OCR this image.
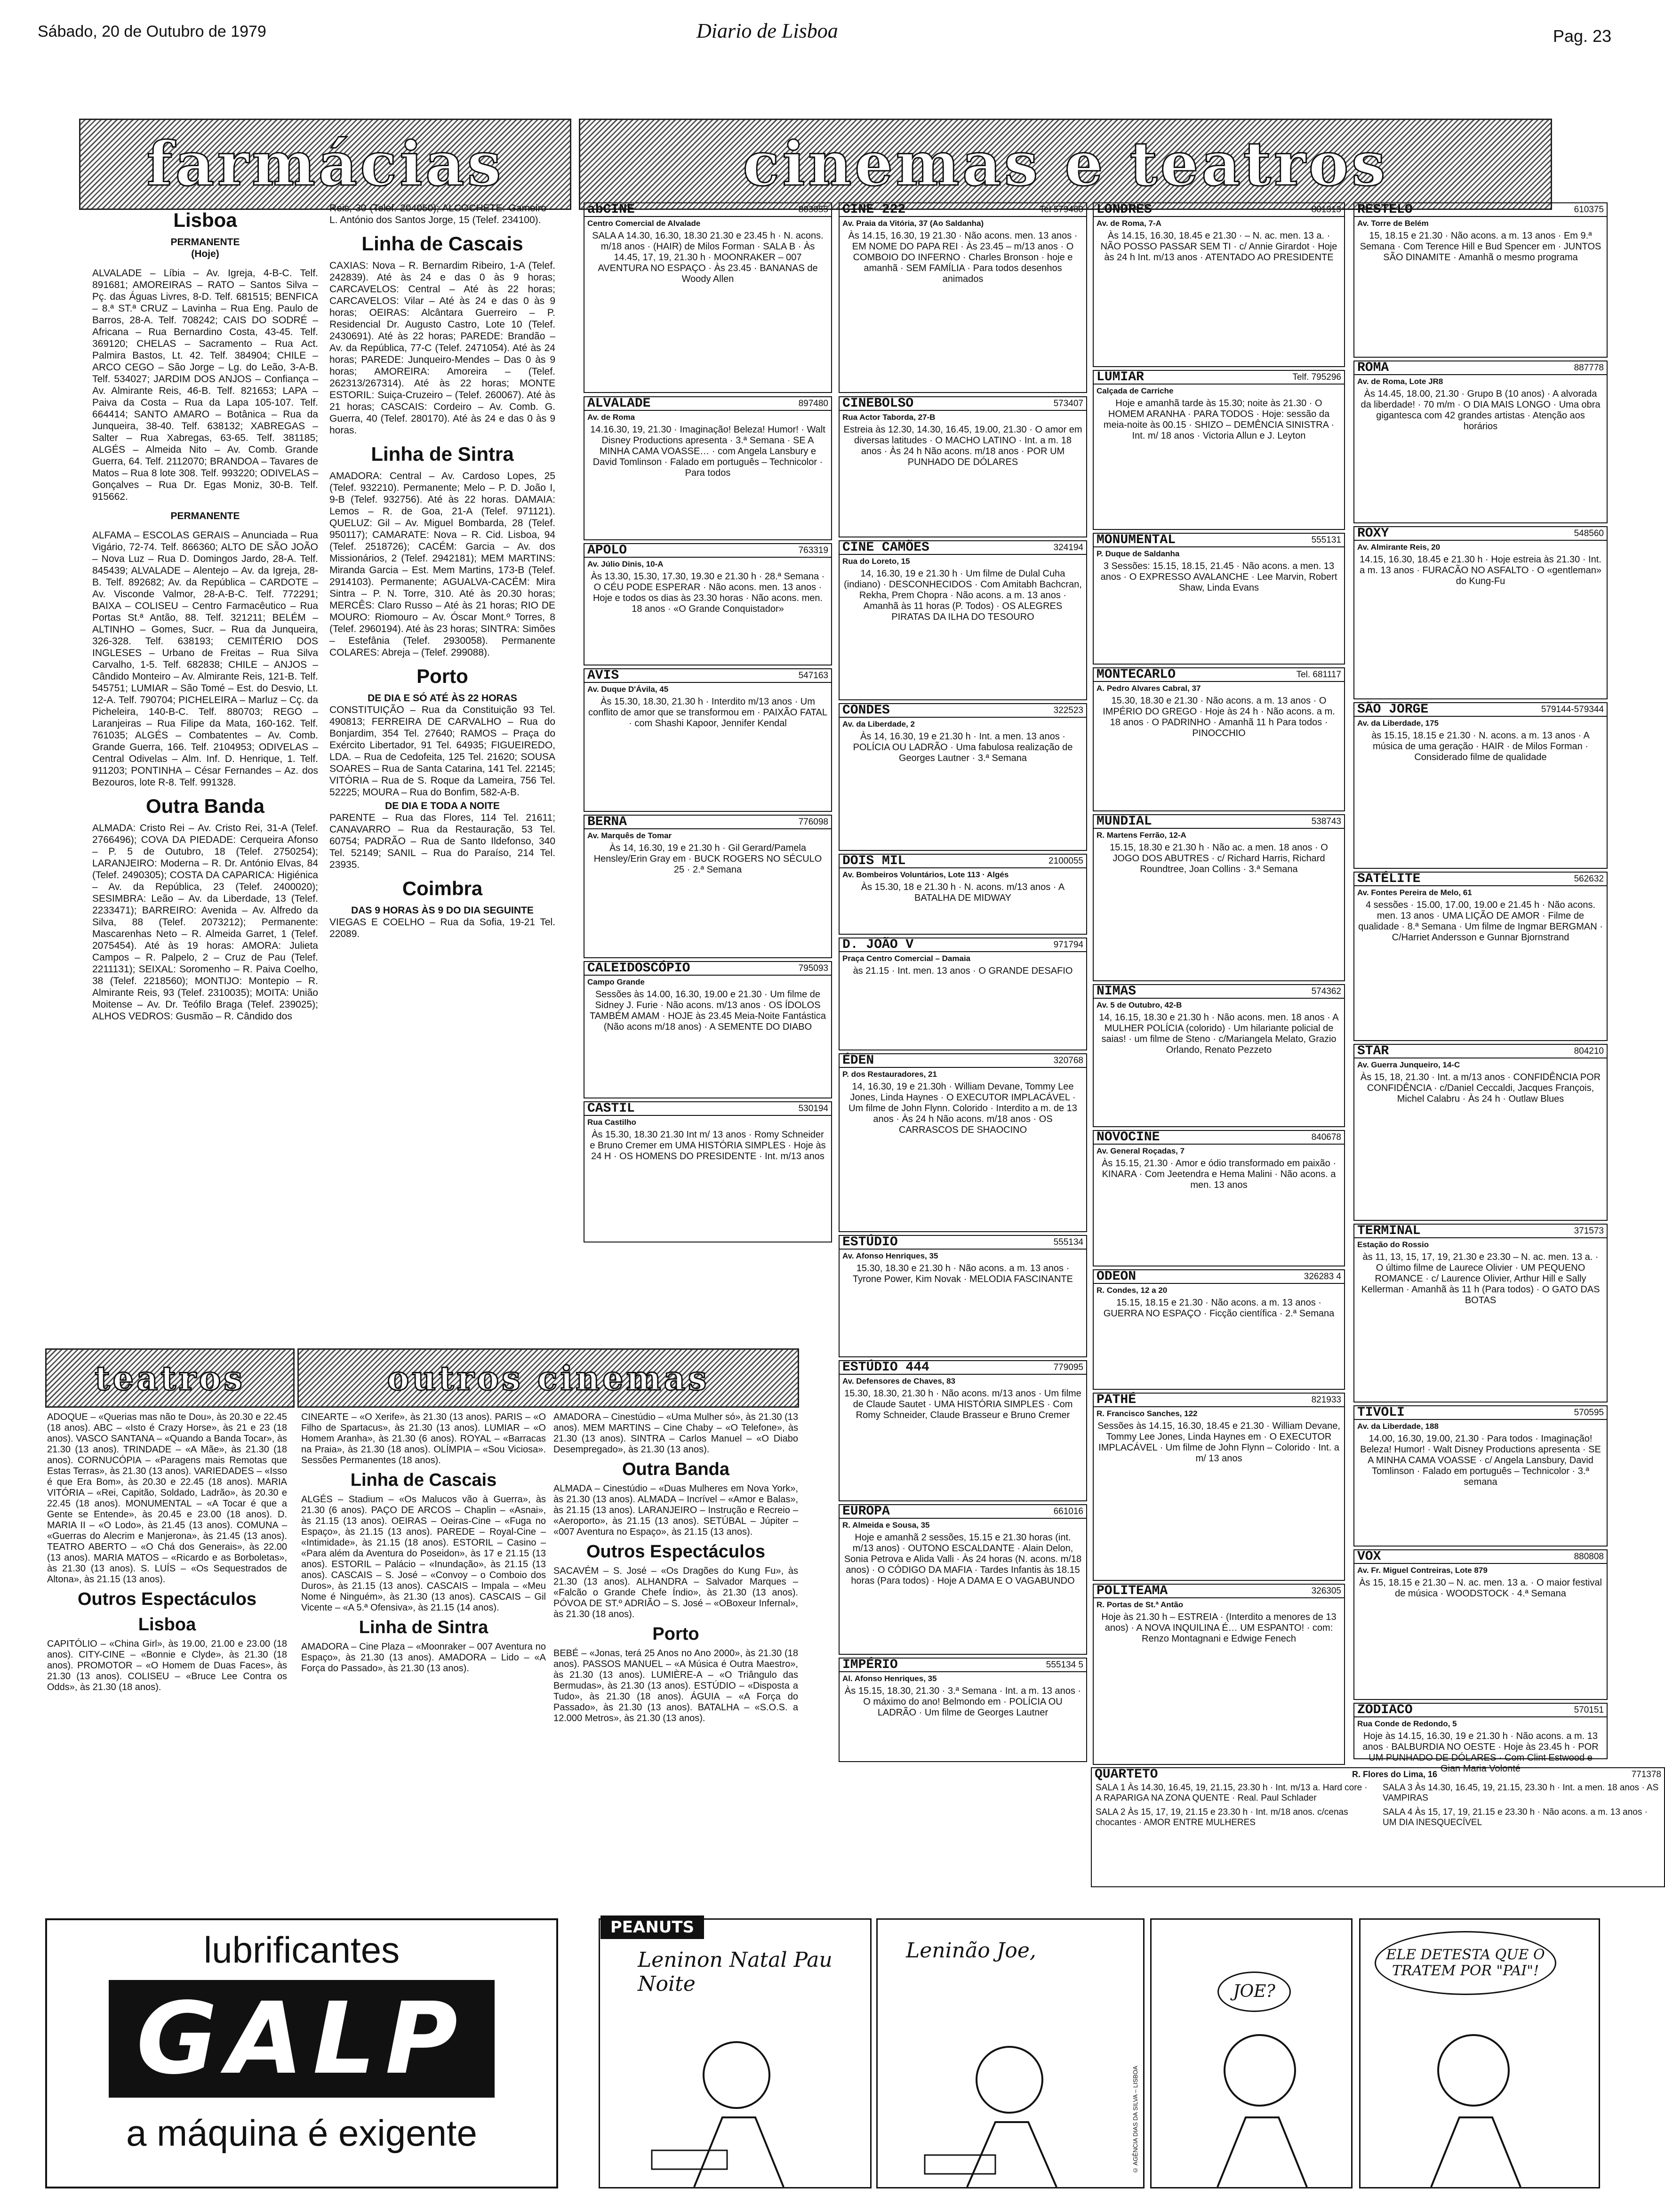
Sábado, 20 de Outubro de 1979	Diario de Lisboa	Pag. 23
farmácias	cinemas e teatros
Lisboa
PERMANENTE
(Hoje)

ALVALADE – Líbia – Av. Igreja, 4-B-C. Telf. 891681; AMOREIRAS – RATO – Santos Silva – Pç. das Águas Livres, 8-D. Telf. 681515; BENFICA – 8.ª ST.ª CRUZ – Lavinha – Rua Eng. Paulo de Barros, 28-A. Telf. 708242; CAIS DO SODRÉ – Africana – Rua Bernardino Costa, 43-45. Telf. 369120; CHELAS – Sacramento – Rua Act. Palmira Bastos, Lt. 42. Telf. 384904; CHILE – ARCO CEGO – São Jorge – Lg. do Leão, 3-A-B. Telf. 534027; JARDIM DOS ANJOS – Confiança – Av. Almirante Reis, 46-B. Telf. 821653; LAPA – Paiva da Costa – Rua da Lapa 105-107. Telf. 664414; SANTO AMARO – Botânica – Rua da Junqueira, 38-40. Telf. 638132; XABREGAS – Salter – Rua Xabregas, 63-65. Telf. 381185; ALGÉS – Almeida Nito – Av. Comb. Grande Guerra, 64. Telf. 2112070; BRANDOA – Tavares de Matos – Rua 8 lote 308. Telf. 993220; ODIVELAS – Gonçalves – Rua Dr. Egas Moniz, 30-B. Telf. 915662.

PERMANENTE

ALFAMA – ESCOLAS GERAIS – Anunciada – Rua Vigário, 72-74. Telf. 866360; ALTO DE SÃO JOÃO – Nova Luz – Rua D. Domingos Jardo, 28-A. Telf. 845439; ALVALADE – Alentejo – Av. da Igreja, 28-B. Telf. 892682; Av. da República – CARDOTE – Av. Visconde Valmor, 28-A-B-C. Telf. 772291; BAIXA – COLISEU – Centro Farmacêutico – Rua Portas St.ª Antão, 88. Telf. 321211; BELÉM – ALTINHO – Gomes, Sucr. – Rua da Junqueira, 326-328. Telf. 638193; CEMITÉRIO DOS INGLESES – Urbano de Freitas – Rua Silva Carvalho, 1-5. Telf. 682838; CHILE – ANJOS – Cândido Monteiro – Av. Almirante Reis, 121-B. Telf. 545751; LUMIAR – São Tomé – Est. do Desvio, Lt. 12-A. Telf. 790704; PICHELEIRA – Marluz – Cç. da Picheleira, 140-B-C. Telf. 880703; REGO – Laranjeiras – Rua Filipe da Mata, 160-162. Telf. 761035; ALGÉS – Combatentes – Av. Comb. Grande Guerra, 166. Telf. 2104953; ODIVELAS – Central Odivelas – Alm. Inf. D. Henrique, 1. Telf. 911203; PONTINHA – César Fernandes – Az. dos Bezouros, lote R-8. Telf. 991328.

Outra Banda

ALMADA: Cristo Rei – Av. Cristo Rei, 31-A (Telef. 2766496); COVA DA PIEDADE: Cerqueira Afonso – P. 5 de Outubro, 18 (Telef. 2750254); LARANJEIRO: Moderna – R. Dr. António Elvas, 84 (Telef. 2490305); COSTA DA CAPARICA: Higiénica – Av. da República, 23 (Telef. 2400020); SESIMBRA: Leão – Av. da Liberdade, 13 (Telef. 2233471); BARREIRO: Avenida – Av. Alfredo da Silva, 88 (Telef. 2073212); Permanente: Mascarenhas Neto – R. Almeida Garret, 1 (Telef. 2075454). Até às 19 horas: AMORA: Julieta Campos – R. Palpelo, 2 – Cruz de Pau (Telef. 2211131); SEIXAL: Soromenho – R. Paiva Coelho, 38 (Telef. 2218560); MONTIJO: Montepio – R. Almirante Reis, 93 (Telef. 2310035); MOITA: União Moitense – Av. Dr. Teófilo Braga (Telef. 239025); ALHOS VEDROS: Gusmão – R. Cândido dos

Reis, 30 (Telef. 204050); ALCOCHETE: Gameiro – L. António dos Santos Jorge, 15 (Telef. 234100).

Linha de Cascais

CAXIAS: Nova – R. Bernardim Ribeiro, 1-A (Telef. 242839). Até às 24 e das 0 às 9 horas; CARCAVELOS: Central – Até às 22 horas; CARCAVELOS: Vilar – Até às 24 e das 0 às 9 horas; OEIRAS: Alcântara Guerreiro – P. Residencial Dr. Augusto Castro, Lote 10 (Telef. 2430691). Até às 22 horas; PAREDE: Brandão – Av. da República, 77-C (Telef. 2471054). Até às 24 horas; PAREDE: Junqueiro-Mendes – Das 0 às 9 horas; AMOREIRA: Amoreira – (Telef. 262313/267314). Até às 22 horas; MONTE ESTORIL: Suiça-Cruzeiro – (Telef. 260067). Até às 21 horas; CASCAIS: Cordeiro – Av. Comb. G. Guerra, 40 (Telef. 280170). Até às 24 e das 0 às 9 horas.

Linha de Sintra

AMADORA: Central – Av. Cardoso Lopes, 25 (Telef. 932210). Permanente; Melo – P. D. João I, 9-B (Telef. 932756). Até às 22 horas. DAMAIA: Lemos – R. de Goa, 21-A (Telef. 971121). QUELUZ: Gil – Av. Miguel Bombarda, 28 (Telef. 950117); CAMARATE: Nova – R. Cid. Lisboa, 94 (Telef. 2518726); CACÉM: Garcia – Av. dos Missionários, 2 (Telef. 2942181); MEM MARTINS: Miranda Garcia – Est. Mem Martins, 173-B (Telef. 2914103). Permanente; AGUALVA-CACÉM: Mira Sintra – P. N. Torre, 310. Até às 20.30 horas; MERCÊS: Claro Russo – Até às 21 horas; RIO DE MOURO: Riomouro – Av. Óscar Mont.º Torres, 8 (Telef. 2960194). Até às 23 horas; SINTRA: Simões – Estefânia (Telef. 2930058). Permanente COLARES: Abreja – (Telef. 299088).

Porto
DE DIA E SÓ ATÉ ÀS 22 HORAS

CONSTITUIÇÃO – Rua da Constituição 93 Tel. 490813; FERREIRA DE CARVALHO – Rua do Bonjardim, 354 Tel. 27640; RAMOS – Praça do Exército Libertador, 91 Tel. 64935; FIGUEIREDO, LDA. – Rua de Cedofeita, 125 Tel. 21620; SOUSA SOARES – Rua de Santa Catarina, 141 Tel. 22145; VITÓRIA – Rua de S. Roque da Lameira, 756 Tel. 52225; MOURA – Rua do Bonfim, 582-A-B.

DE DIA E TODA A NOITE

PARENTE – Rua das Flores, 114 Tel. 21611; CANAVARRO – Rua da Restauração, 53 Tel. 60754; PADRÃO – Rua de Santo Ildefonso, 340 Tel. 52149; SANIL – Rua do Paraíso, 214 Tel. 23935.

Coimbra
DAS 9 HORAS ÀS 9 DO DIA SEGUINTE

VIEGAS E COELHO – Rua da Sofia, 19-21 Tel. 22089.

teatros	outros cinemas

ADOQUE – «Querias mas não te Dou», às 20.30 e 22.45 (18 anos). ABC – «Isto é Crazy Horse», às 21 e 23 (18 anos). VASCO SANTANA – «Quando a Banda Tocar», às 21.30 (13 anos). TRINDADE – «A Mãe», às 21.30 (18 anos). CORNUCÓPIA – «Paragens mais Remotas que Estas Terras», às 21.30 (13 anos). VARIEDADES – «Isso é que Era Bom», às 20.30 e 22.45 (18 anos). MARIA VITÓRIA – «Rei, Capitão, Soldado, Ladrão», às 20.30 e 22.45 (18 anos). MONUMENTAL – «A Tocar é que a Gente se Entende», às 20.45 e 23.00 (18 anos). D. MARIA II – «O Lodo», às 21.45 (13 anos). COMUNA – «Guerras do Alecrim e Manjerona», às 21.45 (13 anos). TEATRO ABERTO – «O Chá dos Generais», às 22.00 (13 anos). MARIA MATOS – «Ricardo e as Borboletas», às 21.30 (13 anos). S. LUÍS – «Os Sequestrados de Altona», às 21.15 (13 anos).

Outros Espectáculos
Lisboa

CAPITÓLIO – «China Girl», às 19.00, 21.00 e 23.00 (18 anos). CITY-CINE – «Bonnie e Clyde», às 21.30 (18 anos). PROMOTOR – «O Homem de Duas Faces», às 21.30 (13 anos). COLISEU – «Bruce Lee Contra os Odds», às 21.30 (18 anos).

CINEARTE – «O Xerife», às 21.30 (13 anos). PARIS – «O Filho de Spartacus», às 21.30 (13 anos). LUMIAR – «O Homem Aranha», às 21.30 (6 anos). ROYAL – «Barracas na Praia», às 21.30 (18 anos). OLÍMPIA – «Sou Viciosa». Sessões Permanentes (18 anos).

Linha de Cascais

ALGÉS – Stadium – «Os Malucos vão à Guerra», às 21.30 (6 anos). PAÇO DE ARCOS – Chaplin – «Asnai», às 21.15 (13 anos). OEIRAS – Oeiras-Cine – «Fuga no Espaço», às 21.15 (13 anos). PAREDE – Royal-Cine – «Intimidade», às 21.15 (18 anos). ESTORIL – Casino – «Para além da Aventura do Poseidon», às 17 e 21.15 (13 anos). ESTORIL – Palácio – «Inundação», às 21.15 (13 anos). CASCAIS – S. José – «Convoy – o Comboio dos Duros», às 21.15 (13 anos). CASCAIS – Impala – «Meu Nome é Ninguém», às 21.30 (13 anos). CASCAIS – Gil Vicente – «A 5.ª Ofensiva», às 21.15 (14 anos).

Linha de Sintra

AMADORA – Cine Plaza – «Moonraker – 007 Aventura no Espaço», às 21.30 (13 anos). AMADORA – Lido – «A Força do Passado», às 21.30 (13 anos).

AMADORA – Cinestúdio – «Uma Mulher só», às 21.30 (13 anos). MEM MARTINS – Cine Chaby – «O Telefone», às 21.30 (13 anos). SINTRA – Carlos Manuel – «O Diabo Desempregado», às 21.30 (13 anos).

Outra Banda

ALMADA – Cinestúdio – «Duas Mulheres em Nova York», às 21.30 (13 anos). ALMADA – Incrível – «Amor e Balas», às 21.15 (13 anos). LARANJEIRO – Instrução e Recreio – «Aeroporto», às 21.15 (13 anos). SETÚBAL – Júpiter – «007 Aventura no Espaço», às 21.15 (13 anos).

Outros Espectáculos

SACAVÉM – S. José – «Os Dragões do Kung Fu», às 21.30 (13 anos). ALHANDRA – Salvador Marques – «Falcão o Grande Chefe Índio», às 21.30 (13 anos). PÓVOA DE ST.º ADRIÃO – S. José – «OBoxeur Infernal», às 21.30 (18 anos).

Porto

BEBÉ – «Jonas, terá 25 Anos no Ano 2000», às 21.30 (18 anos). PASSOS MANUEL – «A Música é Outra Maestro», às 21.30 (13 anos). LUMIÈRE-A – «O Triângulo das Bermudas», às 21.30 (13 anos). ESTÚDIO – «Disposta a Tudo», às 21.30 (18 anos). ÁGUIA – «A Força do Passado», às 21.30 (13 anos). BATALHA – «S.O.S. a 12.000 Metros», às 21.30 (13 anos).

abCINE	803055
Centro Comercial de Alvalade
SALA A 14.30, 16.30, 18.30 21.30 e 23.45 h · N. acons. m/18 anos · (HAIR) de Milos Forman · SALA B · Às 14.45, 17, 19, 21.30 h · MOONRAKER – 007 AVENTURA NO ESPAÇO · Às 23.45 · BANANAS de Woody Allen
ALVALADE	897480
Av. de Roma
14.16.30, 19, 21.30 · Imaginação! Beleza! Humor! · Walt Disney Productions apresenta · 3.ª Semana · SE A MINHA CAMA VOASSE… · com Angela Lansbury e David Tomlinson · Falado em português – Technicolor · Para todos
APOLO	763319
Av. Júlio Dinis, 10-A
Às 13.30, 15.30, 17.30, 19.30 e 21.30 h · 28.ª Semana · O CÉU PODE ESPERAR · Não acons. men. 13 anos · Hoje e todos os dias às 23.30 horas · Não acons. men. 18 anos · «O Grande Conquistador»
AVIS	547163
Av. Duque D'Ávila, 45
Às 15.30, 18.30, 21.30 h · Interdito m/13 anos · Um conflito de amor que se transformou em · PAIXÃO FATAL · com Shashi Kapoor, Jennifer Kendal
BERNA	776098
Av. Marquês de Tomar
Às 14, 16.30, 19 e 21.30 h · Gil Gerard/Pamela Hensley/Erin Gray em · BUCK ROGERS NO SÉCULO 25 · 2.ª Semana
CALEIDOSCÓPIO	795093
Campo Grande
Sessões às 14.00, 16.30, 19.00 e 21.30 · Um filme de Sidney J. Furie · Não acons. m/13 anos · OS ÍDOLOS TAMBÉM AMAM · HOJE às 23.45 Meia-Noite Fantástica (Não acons m/18 anos) · A SEMENTE DO DIABO
CASTIL	530194
Rua Castilho
Às 15.30, 18.30 21.30 Int m/ 13 anos · Romy Schneider e Bruno Cremer em UMA HISTÓRIA SIMPLES · Hoje às 24 H · OS HOMENS DO PRESIDENTE · Int. m/13 anos
CINE 222	Tel 579460
Av. Praia da Vitória, 37 (Ao Saldanha)
Às 14.15, 16.30, 19 21.30 · Não acons. men. 13 anos · EM NOME DO PAPA REI · Às 23.45 – m/13 anos · O COMBOIO DO INFERNO · Charles Bronson · hoje e amanhã · SEM FAMÍLIA · Para todos desenhos animados
CINEBOLSO	573407
Rua Actor Taborda, 27-B
Estreia às 12.30, 14.30, 16.45, 19.00, 21.30 · O amor em diversas latitudes · O MACHO LATINO · Int. a m. 18 anos · Às 24 h Não acons. m/18 anos · POR UM PUNHADO DE DÓLARES
CINE CAMÕES	324194
Rua do Loreto, 15
14, 16.30, 19 e 21.30 h · Um filme de Dulal Cuha (indiano) · DESCONHECIDOS · Com Amitabh Bachcran, Rekha, Prem Chopra · Não acons. a m. 13 anos · Amanhã às 11 horas (P. Todos) · OS ALEGRES PIRATAS DA ILHA DO TESOURO
CONDES	322523
Av. da Liberdade, 2
Às 14, 16.30, 19 e 21.30 h · Int. a men. 13 anos · POLÍCIA OU LADRÃO · Uma fabulosa realização de Georges Lautner · 3.ª Semana
DOIS MIL	2100055
Av. Bombeiros Voluntários, Lote 113 · Algés
Às 15.30, 18 e 21.30 h · N. acons. m/13 anos · A BATALHA DE MIDWAY
D. JOÃO V	971794
Praça Centro Comercial – Damaia
às 21.15 · Int. men. 13 anos · O GRANDE DESAFIO
ÉDEN	320768
P. dos Restauradores, 21
14, 16.30, 19 e 21.30h · William Devane, Tommy Lee Jones, Linda Haynes · O EXECUTOR IMPLACÁVEL · Um filme de John Flynn. Colorido · Interdito a m. de 13 anos · Às 24 h Não acons. m/18 anos · OS CARRASCOS DE SHAOCINO
ESTÚDIO	555134
Av. Afonso Henriques, 35
15.30, 18.30 e 21.30 h · Não acons. a m. 13 anos · Tyrone Power, Kim Novak · MELODIA FASCINANTE
ESTÚDIO 444	779095
Av. Defensores de Chaves, 83
15.30, 18.30, 21.30 h · Não acons. m/13 anos · Um filme de Claude Sautet · UMA HISTÓRIA SIMPLES · Com Romy Schneider, Claude Brasseur e Bruno Cremer
EUROPA	661016
R. Almeida e Sousa, 35
Hoje e amanhã 2 sessões, 15.15 e 21.30 horas (int. m/13 anos) · OUTONO ESCALDANTE · Alain Delon, Sonia Petrova e Alida Valli · Às 24 horas (N. acons. m/18 anos) · O CÓDIGO DA MAFIA · Tardes Infantis às 18.15 horas (Para todos) · Hoje A DAMA E O VAGABUNDO
IMPÉRIO	555134 5
Al. Afonso Henriques, 35
Às 15.15, 18.30, 21.30 · 3.ª Semana · Int. a m. 13 anos · O máximo do ano! Belmondo em · POLÍCIA OU LADRÃO · Um filme de Georges Lautner
LONDRES	801313
Av. de Roma, 7-A
Às 14.15, 16.30, 18.45 e 21.30 · – N. ac. men. 13 a. · NÃO POSSO PASSAR SEM TI · c/ Annie Girardot · Hoje às 24 h Int. m/13 anos · ATENTADO AO PRESIDENTE
LUMIAR	Telf. 795296
Calçada de Carriche
Hoje e amanhã tarde às 15.30; noite às 21.30 · O HOMEM ARANHA · PARA TODOS · Hoje: sessão da meia-noite às 00.15 · SHIZO – DEMÊNCIA SINISTRA · Int. m/ 18 anos · Victoria Allun e J. Leyton
MONUMENTAL	555131
P. Duque de Saldanha
3 Sessões: 15.15, 18.15, 21.45 · Não acons. a men. 13 anos · O EXPRESSO AVALANCHE · Lee Marvin, Robert Shaw, Linda Evans
MONTECARLO	Tel. 681117
A. Pedro Alvares Cabral, 37
15.30, 18.30 e 21.30 · Não acons. a m. 13 anos · O IMPÉRIO DO GREGO · Hoje às 24 h · Não acons. a m. 18 anos · O PADRINHO · Amanhã 11 h Para todos · PINOCCHIO
MUNDIAL	538743
R. Martens Ferrão, 12-A
15.15, 18.30 e 21.30 h · Não ac. a men. 18 anos · O JOGO DOS ABUTRES · c/ Richard Harris, Richard Roundtree, Joan Collins · 3.ª Semana
NIMAS	574362
Av. 5 de Outubro, 42-B
14, 16.15, 18.30 e 21.30 h · Não acons. men. 18 anos · A MULHER POLÍCIA (colorido) · Um hilariante policial de saias! · um filme de Steno · c/Mariangela Melato, Grazio Orlando, Renato Pezzeto
NOVOCINE	840678
Av. General Roçadas, 7
Às 15.15, 21.30 · Amor e ódio transformado em paixão · KINARA · Com Jeetendra e Hema Malini · Não acons. a men. 13 anos
ODEON	326283 4
R. Condes, 12 a 20
15.15, 18.15 e 21.30 · Não acons. a m. 13 anos · GUERRA NO ESPAÇO · Ficção científica · 2.ª Semana
PATHÉ	821933
R. Francisco Sanches, 122
Sessões às 14.15, 16.30, 18.45 e 21.30 · William Devane, Tommy Lee Jones, Linda Haynes em · O EXECUTOR IMPLACÁVEL · Um filme de John Flynn – Colorido · Int. a m/ 13 anos
POLITEAMA	326305
R. Portas de St.ª Antão
Hoje às 21.30 h – ESTREIA · (Interdito a menores de 13 anos) · A NOVA INQUILINA É… UM ESPANTO! · com: Renzo Montagnani e Edwige Fenech
RESTELO	610375
Av. Torre de Belém
15, 18.15 e 21.30 · Não acons. a m. 13 anos · Em 9.ª Semana · Com Terence Hill e Bud Spencer em · JUNTOS SÃO DINAMITE · Amanhã o mesmo programa
ROMA	887778
Av. de Roma, Lote JR8
Às 14.45, 18.00, 21.30 · Grupo B (10 anos) · A alvorada da liberdade! · 70 m/m · O DIA MAIS LONGO · Uma obra gigantesca com 42 grandes artistas · Atenção aos horários
ROXY	548560
Av. Almirante Reis, 20
14.15, 16.30, 18.45 e 21.30 h · Hoje estreia às 21.30 · Int. a m. 13 anos · FURACÃO NO ASFALTO · O «gentleman» do Kung-Fu
SÃO JORGE	579144-579344
Av. da Liberdade, 175
às 15.15, 18.15 e 21.30 · N. acons. a m. 13 anos · A música de uma geração · HAIR · de Milos Forman · Considerado filme de qualidade
SATÉLITE	562632
Av. Fontes Pereira de Melo, 61
4 sessões · 15.00, 17.00, 19.00 e 21.45 h · Não acons. men. 13 anos · UMA LIÇÃO DE AMOR · Filme de qualidade · 8.ª Semana · Um filme de Ingmar BERGMAN · C/Harriet Andersson e Gunnar Bjornstrand
STAR	804210
Av. Guerra Junqueiro, 14-C
Às 15, 18, 21.30 · Int. a m/13 anos · CONFIDÊNCIA POR CONFIDÊNCIA · c/Daniel Ceccaldi, Jacques François, Michel Calabru · Às 24 h · Outlaw Blues
TERMINAL	371573
Estação do Rossio
às 11, 13, 15, 17, 19, 21.30 e 23.30 – N. ac. men. 13 a. · O último filme de Laurece Olivier · UM PEQUENO ROMANCE · c/ Laurence Olivier, Arthur Hill e Sally Kellerman · Amanhã às 11 h (Para todos) · O GATO DAS BOTAS
TIVOLI	570595
Av. da Liberdade, 188
14.00, 16.30, 19.00, 21.30 · Para todos · Imaginação! Beleza! Humor! · Walt Disney Productions apresenta · SE A MINHA CAMA VOASSE · c/ Angela Lansbury, David Tomlinson · Falado em português – Technicolor · 3.ª semana
VOX	880808
Av. Fr. Miguel Contreiras, Lote 879
Às 15, 18.15 e 21.30 – N. ac. men. 13 a. · O maior festival de música · WOODSTOCK · 4.ª Semana
ZODIACO	570151
Rua Conde de Redondo, 5
Hoje às 14.15, 16.30, 19 e 21.30 h · Não acons. a m. 13 anos · BALBURDIA NO OESTE · Hoje às 23.45 h · POR UM PUNHADO DE DÓLARES · Com Clint Estwood e Gian Maria Volonté
QUARTETO	R. Flores do Lima, 16	771378

SALA 1 Às 14.30, 16.45, 19, 21.15, 23.30 h · Int. m/13 a. Hard core · A RAPARIGA NA ZONA QUENTE · Real. Paul Schlader

SALA 2 Às 15, 17, 19, 21.15 e 23.30 h · Int. m/18 anos. c/cenas chocantes · AMOR ENTRE MULHERES

SALA 3 Às 14.30, 16.45, 19, 21.15, 23.30 h · Int. a men. 18 anos · AS VAMPIRAS

SALA 4 Às 15, 17, 19, 21.15 e 23.30 h · Não acons. a m. 13 anos · UM DIA INESQUECÍVEL

lubrificantes
GALP
a máquina é exigente
PEANUTS
Leninon Natal Pau Noite
Leninão Joe,
© AGÊNCIA DIAS DA SILVA – LISBOA
JOE?
ELE DETESTA QUE O TRATEM POR "PAI"!
